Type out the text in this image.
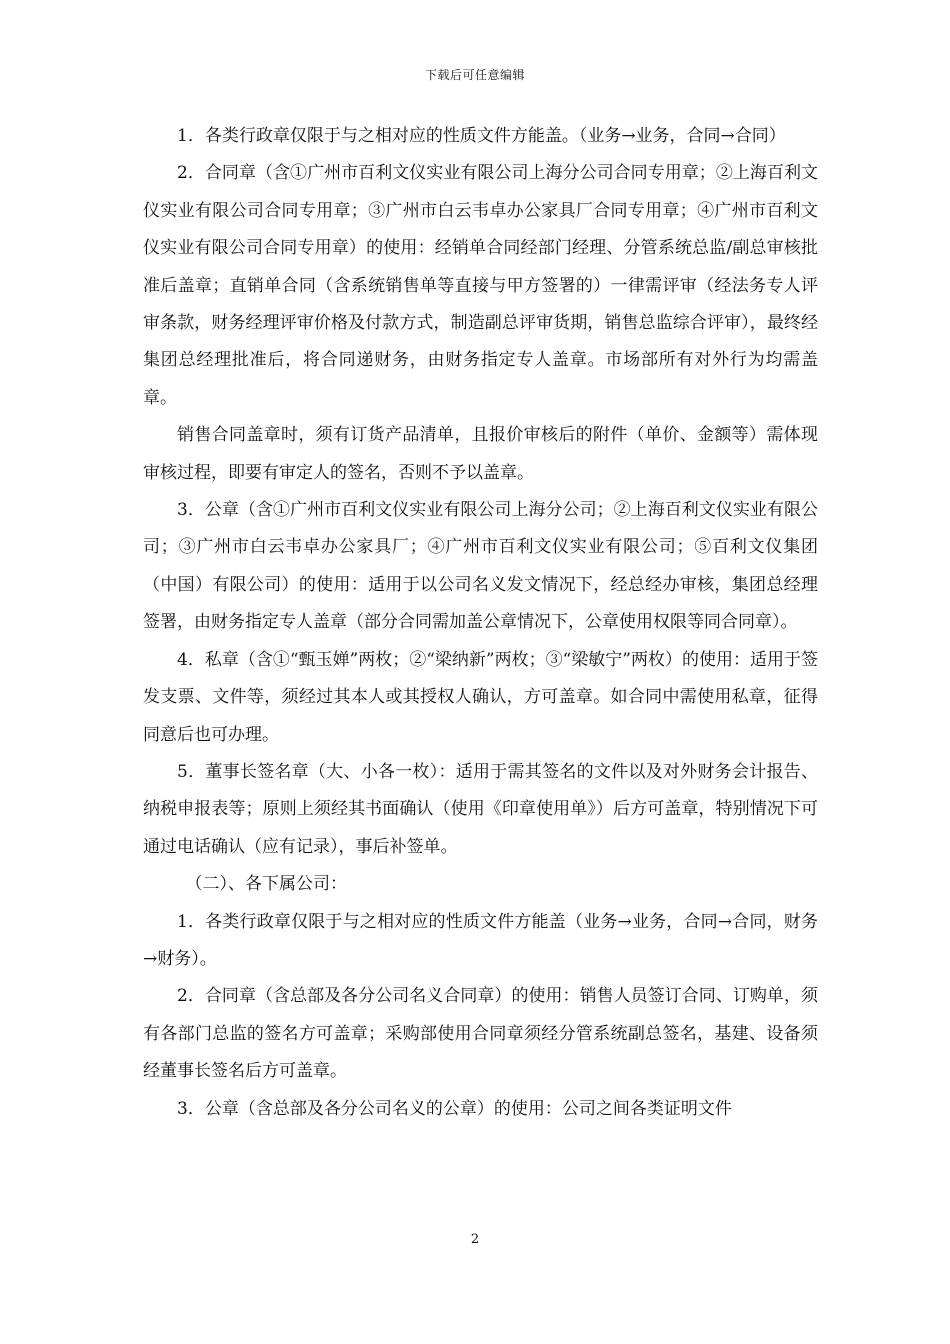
下载后可任意编辑

1．各类行政章仅限于与之相对应的性质文件方能盖。（业务→业务，合同→合同）

2．合同章（含①广州市百利文仪实业有限公司上海分公司合同专用章；②上海百利文仪实业有限公司合同专用章；③广州市白云韦卓办公家具厂合同专用章；④广州市百利文仪实业有限公司合同专用章）的使用：经销单合同经部门经理、分管系统总监/副总审核批准后盖章；直销单合同（含系统销售单等直接与甲方签署的）一律需评审（经法务专人评审条款，财务经理评审价格及付款方式，制造副总评审货期，销售总监综合评审），最终经集团总经理批准后，将合同递财务，由财务指定专人盖章。市场部所有对外行为均需盖章。

销售合同盖章时，须有订货产品清单，且报价审核后的附件（单价、金额等）需体现审核过程，即要有审定人的签名，否则不予以盖章。

3．公章（含①广州市百利文仪实业有限公司上海分公司；②上海百利文仪实业有限公司；③广州市白云韦卓办公家具厂；④广州市百利文仪实业有限公司；⑤百利文仪集团（中国）有限公司）的使用：适用于以公司名义发文情况下，经总经办审核，集团总经理签署，由财务指定专人盖章（部分合同需加盖公章情况下，公章使用权限等同合同章）。

4．私章（含①“甄玉婵”两枚；②“梁纳新”两枚；③“梁敏宁”两枚）的使用：适用于签发支票、文件等，须经过其本人或其授权人确认，方可盖章。如合同中需使用私章，征得同意后也可办理。

5．董事长签名章（大、小各一枚）：适用于需其签名的文件以及对外财务会计报告、纳税申报表等；原则上须经其书面确认（使用《印章使用单》）后方可盖章，特别情况下可通过电话确认（应有记录），事后补签单。

（二）、各下属公司：

1．各类行政章仅限于与之相对应的性质文件方能盖（业务→业务，合同→合同，财务→财务）。

2．合同章（含总部及各分公司名义合同章）的使用：销售人员签订合同、订购单，须有各部门总监的签名方可盖章；采购部使用合同章须经分管系统副总签名，基建、设备须经董事长签名后方可盖章。

3．公章（含总部及各分公司名义的公章）的使用：公司之间各类证明文件

2
